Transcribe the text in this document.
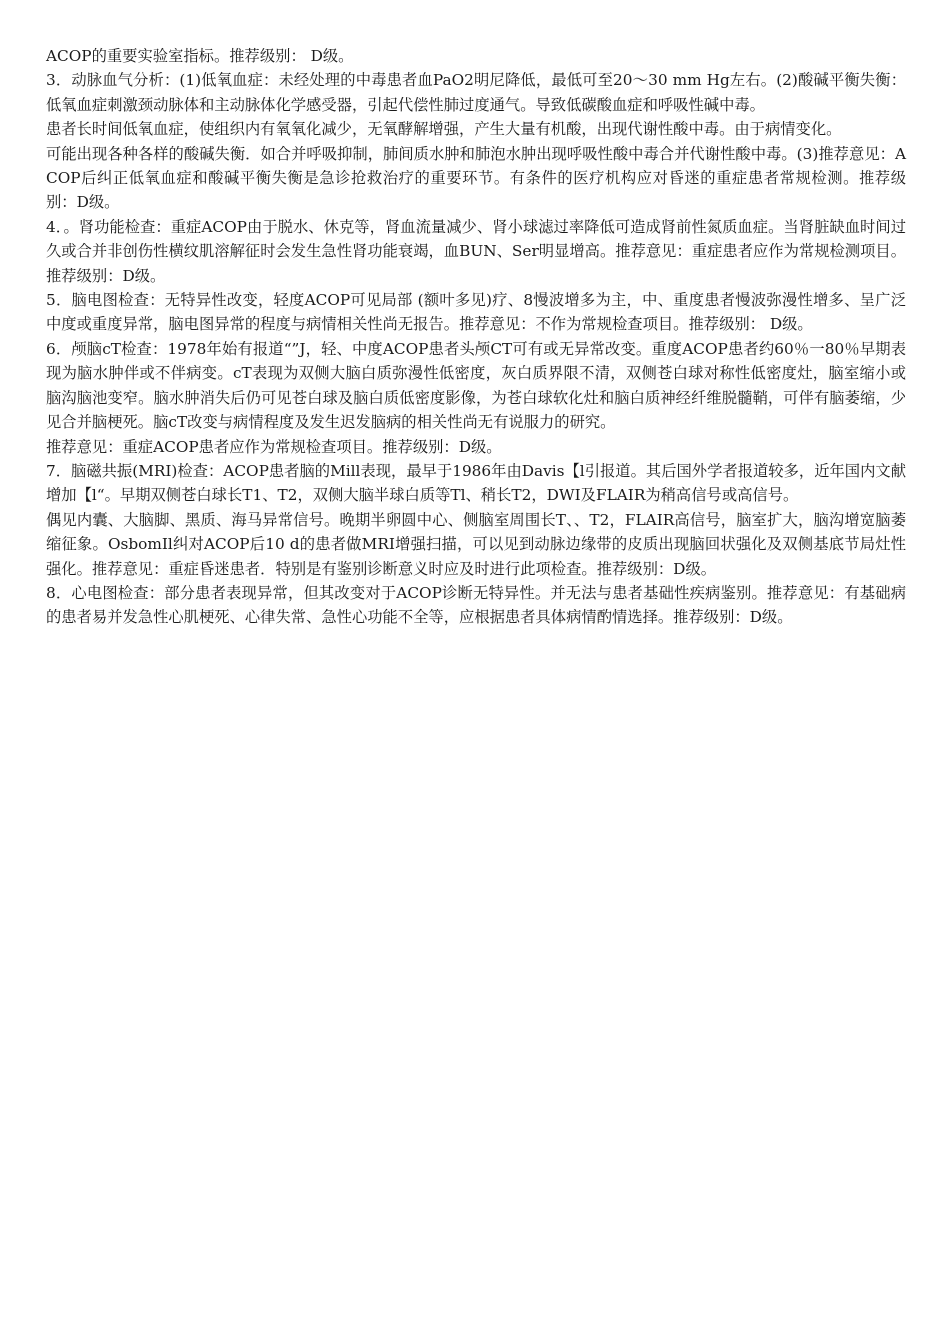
ACOP的重要实验室指标。推荐级别： D级。

3．动脉血气分析：(1)低氧血症：未经处理的中毒患者血PaO2明尼降低，最低可至20～30 mm Hg左右。(2)酸碱平衡失衡：低氧血症刺激颈动脉体和主动脉体化学感受器，引起代偿性肺过度通气。导致低碳酸血症和呼吸性碱中毒。

患者长时间低氧血症，使组织内有氧氧化减少，无氧酵解增强，产生大量有机酸，出现代谢性酸中毒。由于病情变化。

可能出现各种各样的酸碱失衡．如合并呼吸抑制，肺间质水肿和肺泡水肿出现呼吸性酸中毒合并代谢性酸中毒。(3)推荐意见：ACOP后纠正低氧血症和酸碱平衡失衡是急诊抢救治疗的重要环节。有条件的医疗机构应对昏迷的重症患者常规检测。推荐级别：D级。

4．。肾功能检查：重症ACOP由于脱水、休克等，肾血流量减少、肾小球滤过率降低可造成肾前性氮质血症。当肾脏缺血时间过久或合并非创伤性横纹肌溶解征时会发生急性肾功能衰竭，血BUN、Ser明显增高。推荐意见：重症患者应作为常规检测项目。推荐级别：D级。

5．脑电图检查：无特异性改变，轻度ACOP可见局部 (额叶多见)疗、8慢波增多为主，中、重度患者慢波弥漫性增多、呈广泛中度或重度异常，脑电图异常的程度与病情相关性尚无报告。推荐意见：不作为常规检查项目。推荐级别： D级。

6．颅脑cT检查：1978年始有报道“”J，轻、中度ACOP患者头颅CT可有或无异常改变。重度ACOP患者约60％一80％早期表现为脑水肿伴或不伴病变。cT表现为双侧大脑白质弥漫性低密度，灰白质界限不清，双侧苍白球对称性低密度灶，脑室缩小或脑沟脑池变窄。脑水肿消失后仍可见苍白球及脑白质低密度影像，为苍白球软化灶和脑白质神经纤维脱髓鞘，可伴有脑萎缩，少见合并脑梗死。脑cT改变与病情程度及发生迟发脑病的相关性尚无有说服力的研究。

推荐意见：重症ACOP患者应作为常规检查项目。推荐级别：D级。

7．脑磁共振(MRI)检查：ACOP患者脑的Mill表现，最早于1986年由Davis【l引报道。其后国外学者报道较多，近年国内文献增加【l“。早期双侧苍白球长T1、T2，双侧大脑半球白质等Tl、稍长T2，DWI及FLAIR为稍高信号或高信号。

偶见内囊、大脑脚、黑质、海马异常信号。晚期半卵圆中心、侧脑室周围长T、、T2，FLAIR高信号，脑室扩大，脑沟增宽脑萎缩征象。OsbomIl纠对ACOP后10 d的患者做MRI增强扫描，可以见到动脉边缘带的皮质出现脑回状强化及双侧基底节局灶性强化。推荐意见：重症昏迷患者．特别是有鉴别诊断意义时应及时进行此项检查。推荐级别：D级。

8．心电图检查：部分患者表现异常，但其改变对于ACOP诊断无特异性。并无法与患者基础性疾病鉴别。推荐意见：有基础病的患者易并发急性心肌梗死、心律失常、急性心功能不全等，应根据患者具体病情酌情选择。推荐级别：D级。
